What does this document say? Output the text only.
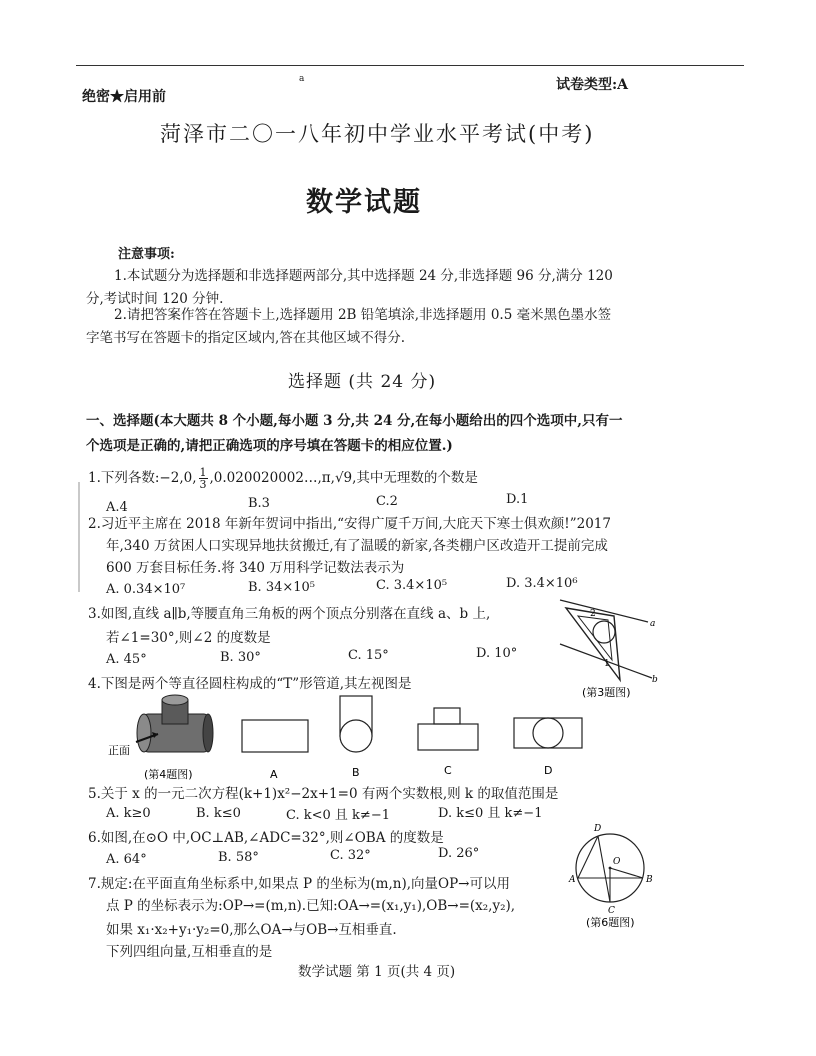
绝密★启用前
a	试卷类型:A
菏泽市二〇一八年初中学业水平考试(中考)
数学试题
注意事项:
1.本试题分为选择题和非选择题两部分,其中选择题 24 分,非选择题 96 分,满分 120
分,考试时间 120 分钟.
2.请把答案作答在答题卡上,选择题用 2B 铅笔填涂,非选择题用 0.5 毫米黑色墨水签
字笔书写在答题卡的指定区域内,答在其他区域不得分.
选择题 (共 24 分)
一、选择题(本大题共 8 个小题,每小题 3 分,共 24 分,在每小题给出的四个选项中,只有一
个选项是正确的,请把正确选项的序号填在答题卡的相应位置.)
1.下列各数:−2,0, $\frac{1}{3}$ ,0.020020002…,π,√9,其中无理数的个数是
A.4	B.3	C.2	D.1
2.习近平主席在 2018 年新年贺词中指出,“安得广厦千万间,大庇天下寒士俱欢颜!”2017
年,340 万贫困人口实现异地扶贫搬迁,有了温暖的新家,各类棚户区改造开工提前完成
600 万套目标任务.将 340 万用科学记数法表示为
A. 0.34×10⁷	B. 34×10⁵	C. 3.4×10⁵	D. 3.4×10⁶
3.如图,直线 a∥b,等腰直角三角板的两个顶点分别落在直线 a、b 上,
若∠1=30°,则∠2 的度数是
A. 45°	B. 30°	C. 15°	D. 10°
2
1
a
b
(第3题图)
4.下图是两个等直径圆柱构成的“T”形管道,其左视图是
正面
(第4题图)	A	B	C	D
5.关于 x 的一元二次方程(k+1)x²−2x+1=0 有两个实数根,则 k 的取值范围是
A. k≥0	B. k≤0	C. k<0 且 k≠−1	D. k≤0 且 k≠−1
6.如图,在⊙O 中,OC⊥AB,∠ADC=32°,则∠OBA 的度数是
A. 64°	B. 58°	C. 32°	D. 26°
D
O
A	B
C
(第6题图)
7.规定:在平面直角坐标系中,如果点 P 的坐标为(m,n),向量OP→可以用
点 P 的坐标表示为:OP→=(m,n).已知:OA→=(x₁,y₁),OB→=(x₂,y₂),
如果 x₁·x₂+y₁·y₂=0,那么OA→与OB→互相垂直.
下列四组向量,互相垂直的是
数学试题 第 1 页(共 4 页)
